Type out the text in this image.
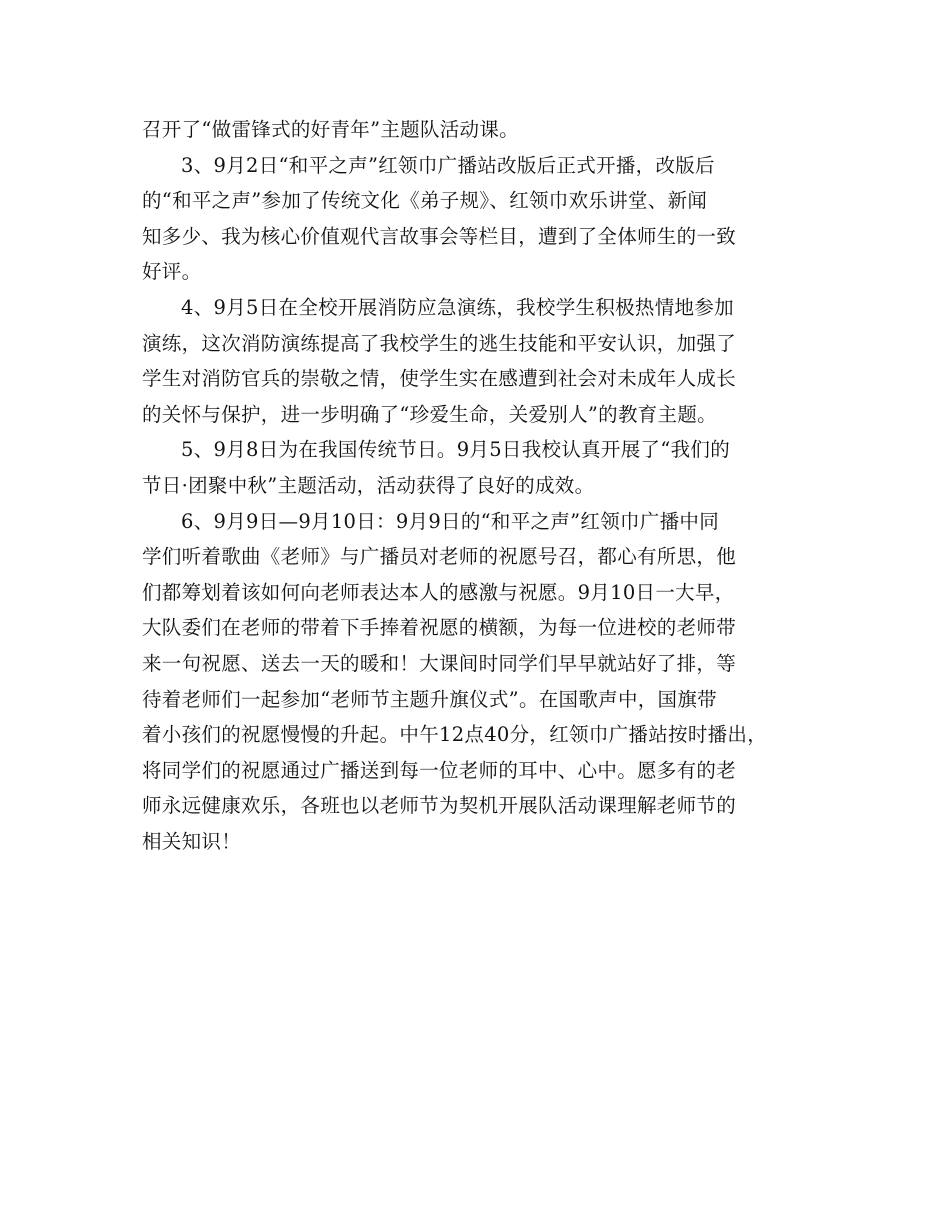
召开了“做雷锋式的好青年”主题队活动课。
3、9月2日“和平之声”红领巾广播站改版后正式开播，改版后
的“和平之声”参加了传统文化《弟子规》、红领巾欢乐讲堂、新闻
知多少、我为核心价值观代言故事会等栏目，遭到了全体师生的一致
好评。
4、9月5日在全校开展消防应急演练，我校学生积极热情地参加
演练，这次消防演练提高了我校学生的逃生技能和平安认识，加强了
学生对消防官兵的崇敬之情，使学生实在感遭到社会对未成年人成长
的关怀与保护，进一步明确了“珍爱生命，关爱别人”的教育主题。
5、9月8日为在我国传统节日。9月5日我校认真开展了“我们的
节日·团聚中秋”主题活动，活动获得了良好的成效。
6、9月9日—9月10日：9月9日的“和平之声”红领巾广播中同
学们听着歌曲《老师》与广播员对老师的祝愿号召，都心有所思，他
们都筹划着该如何向老师表达本人的感激与祝愿。9月10日一大早，
大队委们在老师的带着下手捧着祝愿的横额，为每一位进校的老师带
来一句祝愿、送去一天的暖和！大课间时同学们早早就站好了排，等
待着老师们一起参加“老师节主题升旗仪式”。在国歌声中，国旗带
着小孩们的祝愿慢慢的升起。中午12点40分，红领巾广播站按时播出，
将同学们的祝愿通过广播送到每一位老师的耳中、心中。愿多有的老
师永远健康欢乐，各班也以老师节为契机开展队活动课理解老师节的
相关知识！
